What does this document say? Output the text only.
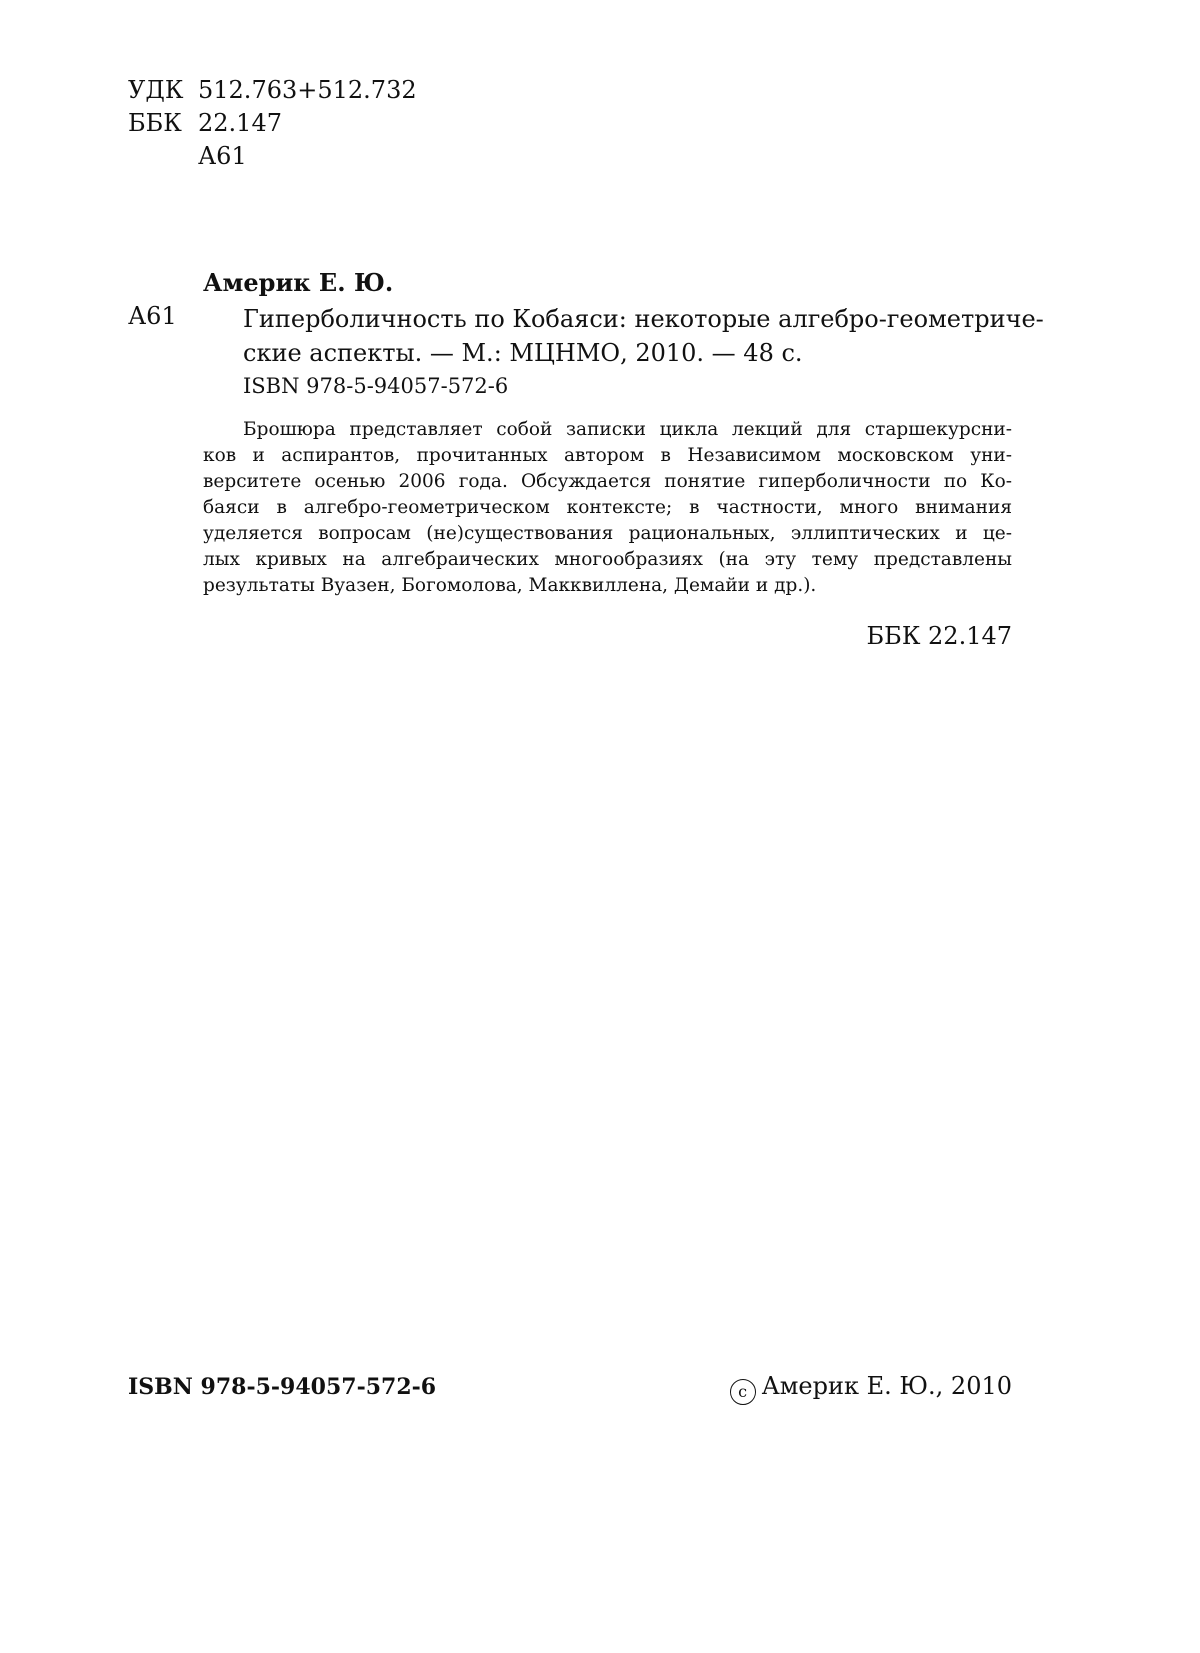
УДК 512.763+512.732
ББК 22.147
А61
Америк Е. Ю.
А61	Гиперболичность по Кобаяси: некоторые алгебро-геометриче-
ские аспекты. — М.: МЦНМО, 2010. — 48 с.
ISBN 978-5-94057-572-6
Брошюра представляет собой записки цикла лекций для старшекурсни-
ков и аспирантов, прочитанных автором в Независимом московском уни-
верситете осенью 2006 года. Обсуждается понятие гиперболичности по Ко-
баяси в алгебро-геометрическом контексте; в частности, много внимания
уделяется вопросам (не)существования рациональных, эллиптических и це-
лых кривых на алгебраических многообразиях (на эту тему представлены
результаты Вуазен, Богомолова, Макквиллена, Демайи и др.).
ББК 22.147
ISBN 978-5-94057-572-6	c Америк Е. Ю., 2010
